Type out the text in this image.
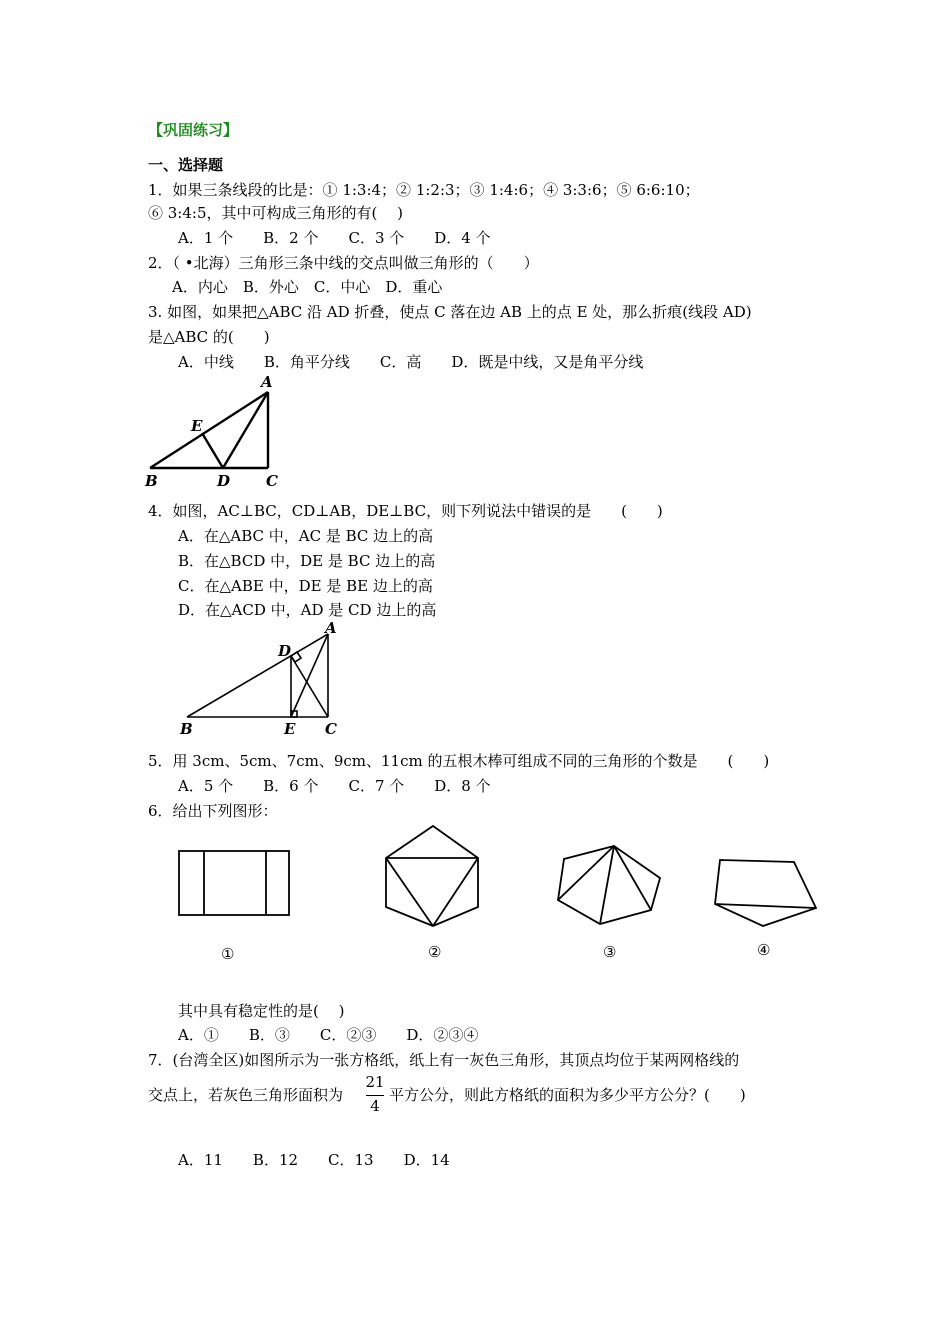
【巩固练习】
一、选择题
1．如果三条线段的比是：① 1:3:4；② 1:2:3；③ 1:4:6；④ 3:3:6；⑤ 6:6:10；
⑥ 3:4:5，其中可构成三角形的有(　 )
A．1 个　　B．2 个　　C．3 个　　D．4 个
2．（ •北海）三角形三条中线的交点叫做三角形的（　　）
A．内心　B．外心　C．中心　D．重心
3. 如图，如果把△ABC 沿 AD 折叠，使点 C 落在边 AB 上的点 E 处，那么折痕(线段 AD)
是△ABC 的(　　)
A．中线　　B．角平分线　　C．高　　D．既是中线，又是角平分线
A
B	C
D
E
4．如图，AC⊥BC，CD⊥AB，DE⊥BC，则下列说法中错误的是　　(　　)
A．在△ABC 中，AC 是 BC 边上的高
B．在△BCD 中，DE 是 BC 边上的高
C．在△ABE 中，DE 是 BE 边上的高
D．在△ACD 中，AD 是 CD 边上的高
A
B	C
D
E
5．用 3cm、5cm、7cm、9cm、11cm 的五根木棒可组成不同的三角形的个数是　　(　　)
A．5 个　　B．6 个　　C．7 个　　D．8 个
6．给出下列图形：
①	②	③	④
其中具有稳定性的是(　 )
A．①　　B．③　　C．②③　　D．②③④
7．(台湾全区)如图所示为一张方格纸，纸上有一灰色三角形，其顶点均位于某两网格线的
交点上，若灰色三角形面积为
21
4
平方公分，则此方格纸的面积为多少平方公分？(　　)
A．11　　B．12　　C．13　　D．14
